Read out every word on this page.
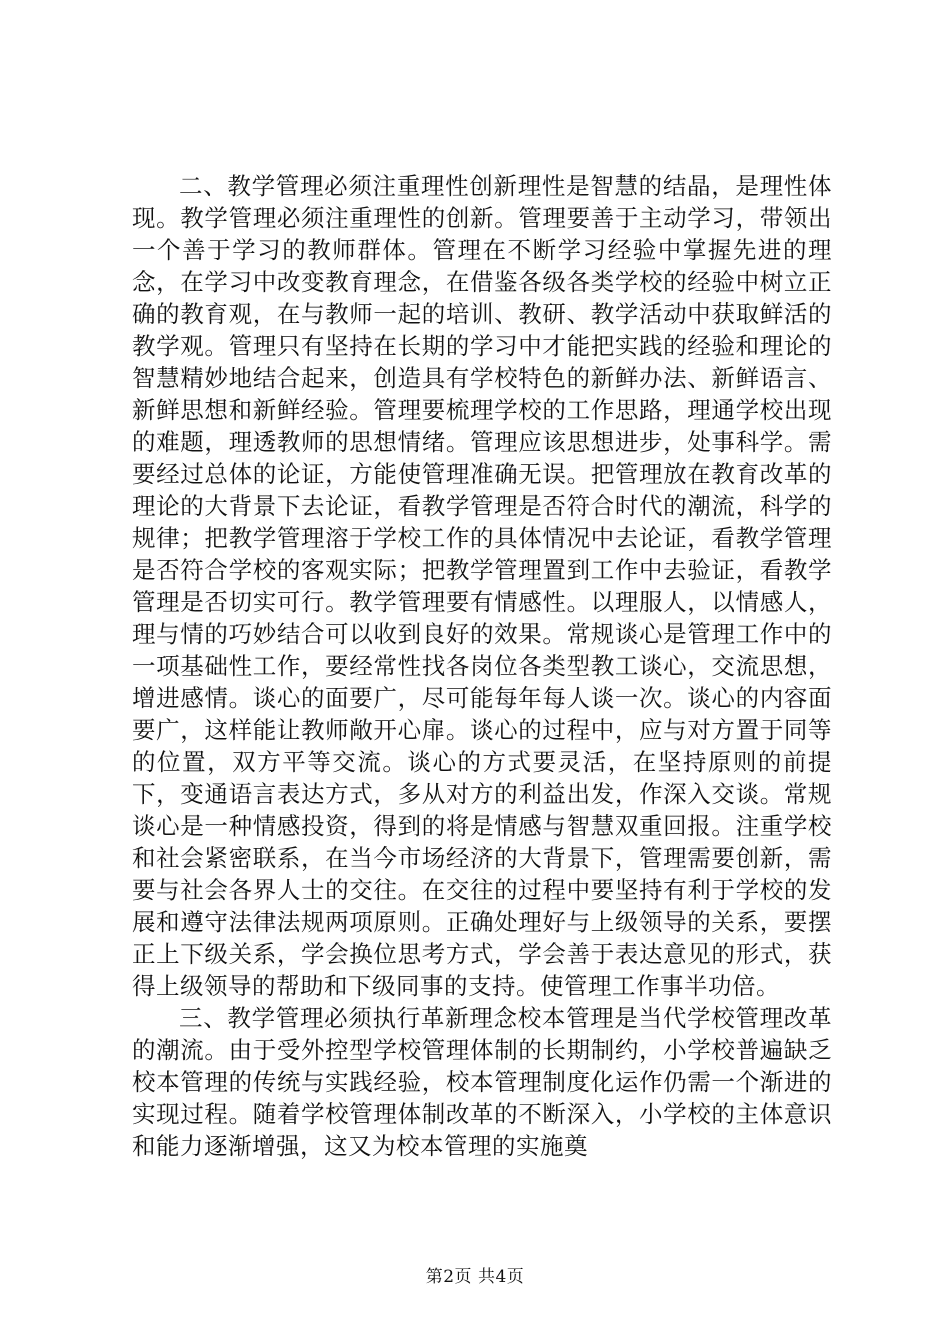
二、教学管理必须注重理性创新理性是智慧的结晶，是理性体现。教学管理必须注重理性的创新。管理要善于主动学习，带领出一个善于学习的教师群体。管理在不断学习经验中掌握先进的理念，在学习中改变教育理念，在借鉴各级各类学校的经验中树立正确的教育观，在与教师一起的培训、教研、教学活动中获取鲜活的教学观。管理只有坚持在长期的学习中才能把实践的经验和理论的智慧精妙地结合起来，创造具有学校特色的新鲜办法、新鲜语言、新鲜思想和新鲜经验。管理要梳理学校的工作思路，理通学校出现的难题，理透教师的思想情绪。管理应该思想进步，处事科学。需要经过总体的论证，方能使管理准确无误。把管理放在教育改革的理论的大背景下去论证，看教学管理是否符合时代的潮流，科学的规律；把教学管理溶于学校工作的具体情况中去论证，看教学管理是否符合学校的客观实际；把教学管理置到工作中去验证，看教学管理是否切实可行。教学管理要有情感性。以理服人，以情感人，理与情的巧妙结合可以收到良好的效果。常规谈心是管理工作中的一项基础性工作，要经常性找各岗位各类型教工谈心，交流思想，增进感情。谈心的面要广，尽可能每年每人谈一次。谈心的内容面要广，这样能让教师敞开心扉。谈心的过程中，应与对方置于同等的位置，双方平等交流。谈心的方式要灵活，在坚持原则的前提下，变通语言表达方式，多从对方的利益出发，作深入交谈。常规谈心是一种情感投资，得到的将是情感与智慧双重回报。注重学校和社会紧密联系，在当今市场经济的大背景下，管理需要创新，需要与社会各界人士的交往。在交往的过程中要坚持有利于学校的发展和遵守法律法规两项原则。正确处理好与上级领导的关系，要摆正上下级关系，学会换位思考方式，学会善于表达意见的形式，获得上级领导的帮助和下级同事的支持。使管理工作事半功倍。

三、教学管理必须执行革新理念校本管理是当代学校管理改革的潮流。由于受外控型学校管理体制的长期制约，小学校普遍缺乏校本管理的传统与实践经验，校本管理制度化运作仍需一个渐进的实现过程。随着学校管理体制改革的不断深入，小学校的主体意识和能力逐渐增强，这又为校本管理的实施奠

第2页 共4页
